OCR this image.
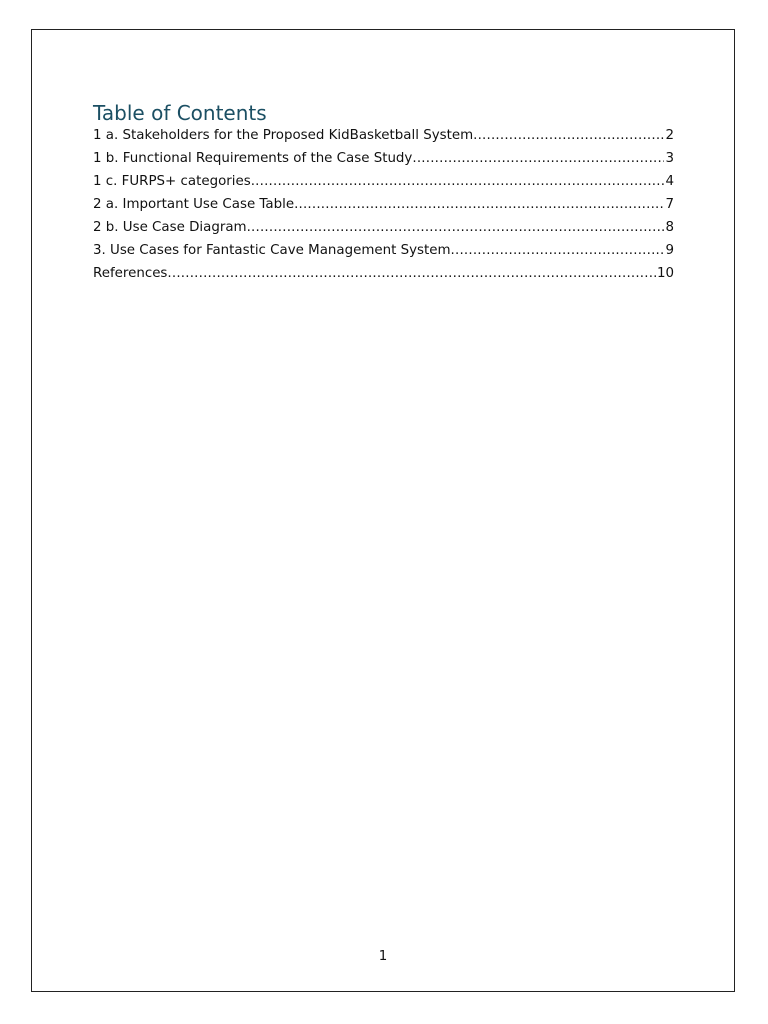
Table of Contents
1 a. Stakeholders for the Proposed KidBasketball System .....	2
1 b. Functional Requirements of the Case Study .....	3
1 c. FURPS+ categories .....	4
2 a. Important Use Case Table .....	7
2 b. Use Case Diagram .....	8
3. Use Cases for Fantastic Cave Management System .....	9
References .....	10
1
